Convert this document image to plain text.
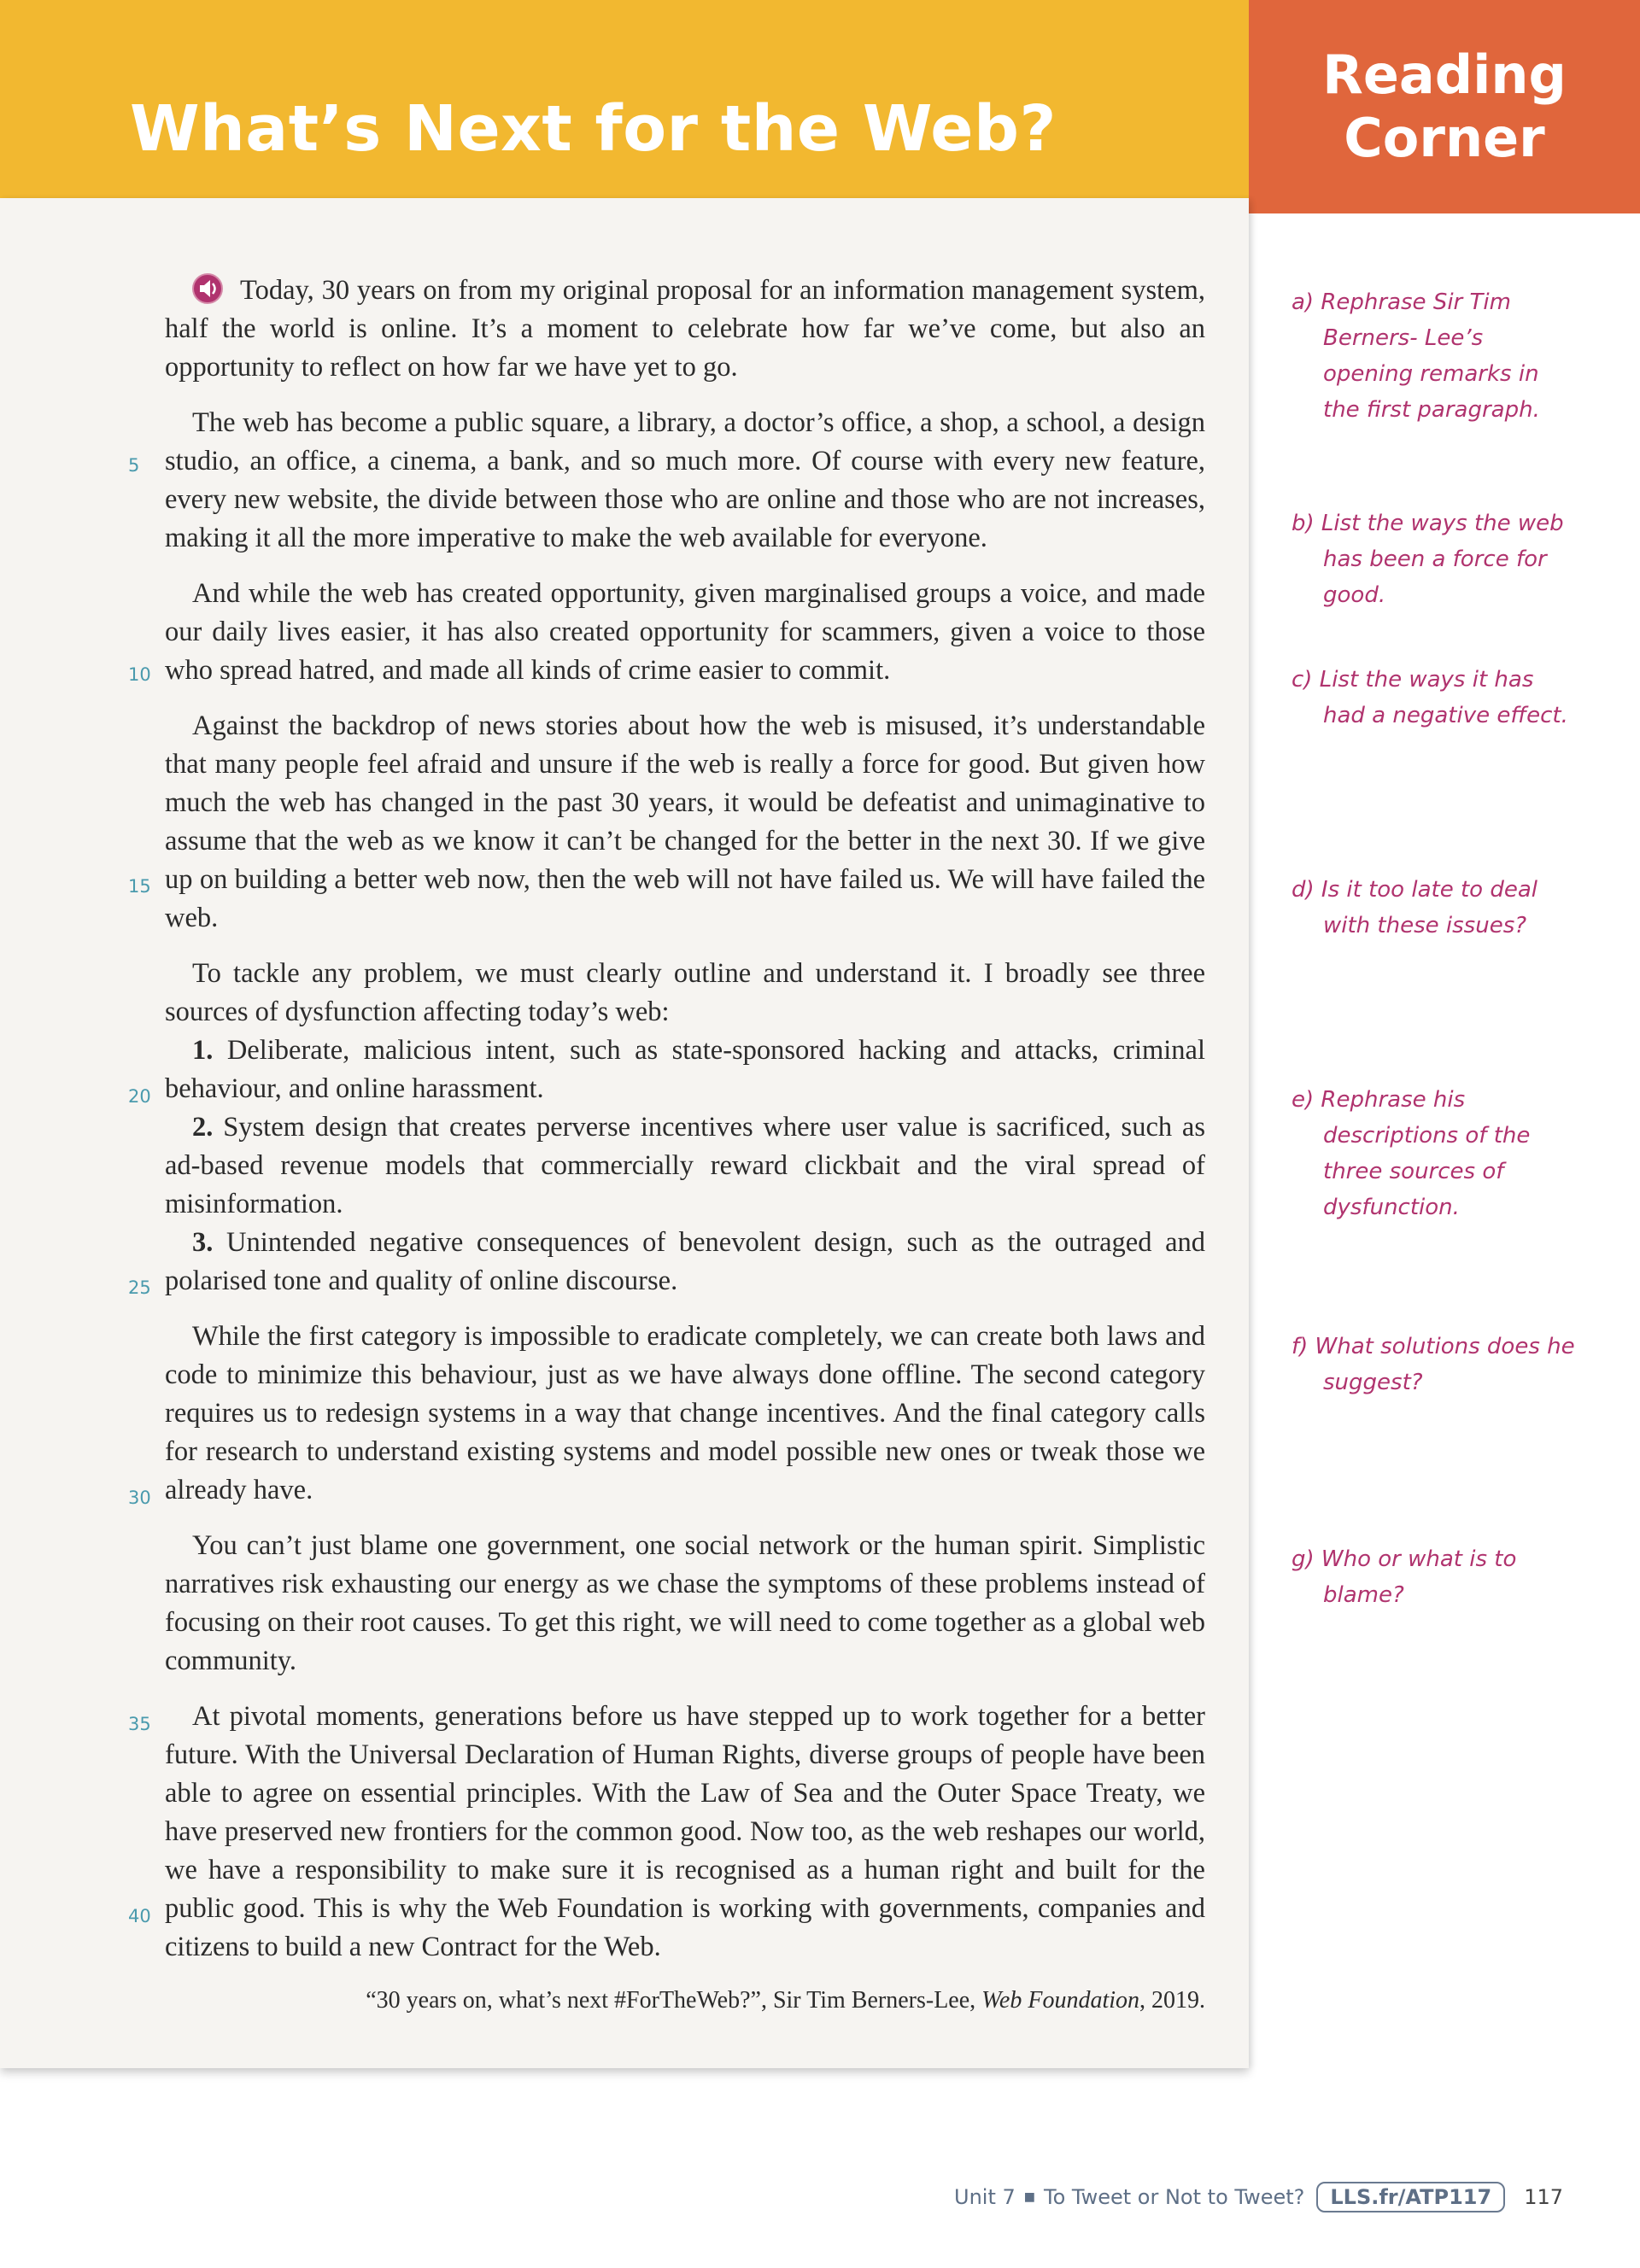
What’s Next for the Web?
Reading Corner

Today, 30 years on from my original proposal for an information management system, half the world is online. It’s a moment to celebrate how far we’ve come, but also an opportunity to reflect on how far we have yet to go.

The web has become a public square, a library, a doctor’s office, a shop, a school, a design studio, an office, a cinema, a bank, and so much more. Of course with every new feature, every new website, the divide between those who are online and those who are not increases, making it all the more imperative to make the web available for everyone.

And while the web has created opportunity, given marginalised groups a voice, and made our daily lives easier, it has also created opportunity for scammers, given a voice to those who spread hatred, and made all kinds of crime easier to commit.

Against the backdrop of news stories about how the web is misused, it’s understandable that many people feel afraid and unsure if the web is really a force for good. But given how much the web has changed in the past 30 years, it would be defeatist and unimaginative to assume that the web as we know it can’t be changed for the better in the next 30. If we give up on building a better web now, then the web will not have failed us. We will have failed the web.

To tackle any problem, we must clearly outline and understand it. I broadly see three sources of dysfunction affecting today’s web:

1. Deliberate, malicious intent, such as state-sponsored hacking and attacks, criminal behaviour, and online harassment.

2. System design that creates perverse incentives where user value is sacrificed, such as ad-based revenue models that commercially reward clickbait and the viral spread of misinformation.

3. Unintended negative consequences of benevolent design, such as the outraged and polarised tone and quality of online discourse.

While the first category is impossible to eradicate completely, we can create both laws and code to minimize this behaviour, just as we have always done offline. The second category requires us to redesign systems in a way that change incentives. And the final category calls for research to understand existing systems and model possible new ones or tweak those we already have.

You can’t just blame one government, one social network or the human spirit. Simplistic narratives risk exhausting our energy as we chase the symptoms of these problems instead of focusing on their root causes. To get this right, we will need to come together as a global web community.

At pivotal moments, generations before us have stepped up to work together for a better future. With the Universal Declaration of Human Rights, diverse groups of people have been able to agree on essential principles. With the Law of Sea and the Outer Space Treaty, we have preserved new frontiers for the common good. Now too, as the web reshapes our world, we have a responsibility to make sure it is recognised as a human right and built for the public good. This is why the Web Foundation is working with governments, companies and citizens to build a new Contract for the Web.

“30 years on, what’s next #ForTheWeb?”, Sir Tim Berners-Lee, Web Foundation, 2019.

5
10
15
20
25
30
35
40
a) Rephrase Sir Tim Berners- Lee’s opening remarks in the first paragraph.
b) List the ways the web has been a force for good.
c) List the ways it has had a negative effect.
d) Is it too late to deal with these issues?
e) Rephrase his descriptions of the three sources of dysfunction.
f) What solutions does he suggest?
g) Who or what is to blame?
Unit 7 ■ To Tweet or Not to Tweet?	LLS.fr/ATP117	117
